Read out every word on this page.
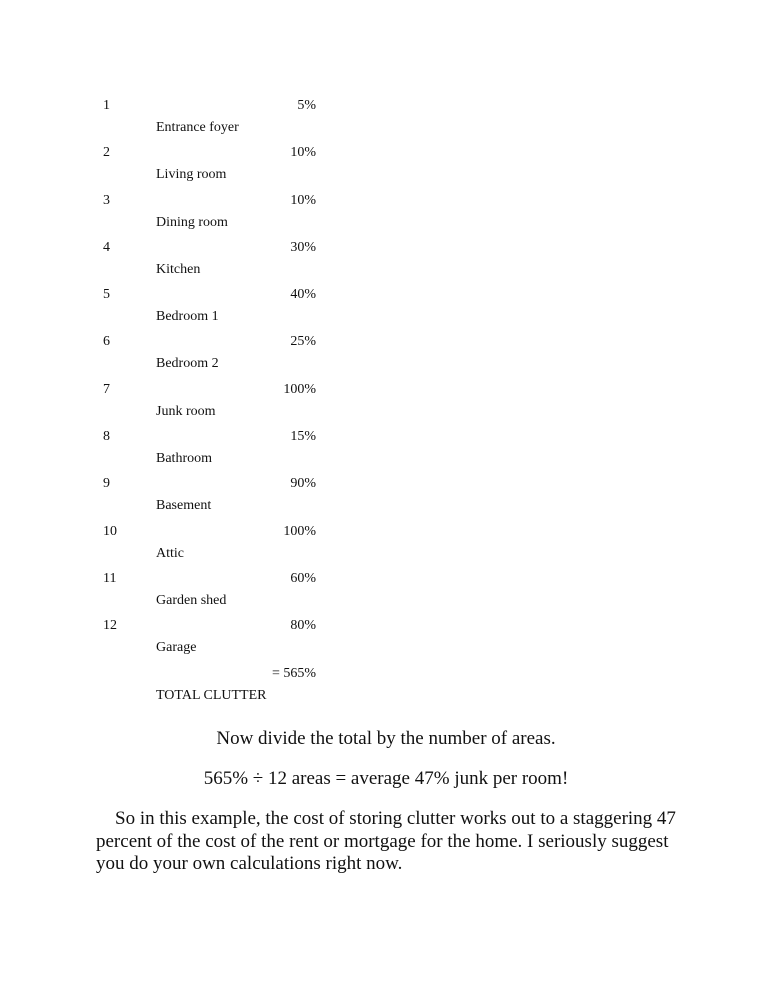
1	5%
Entrance foyer
2	10%
Living room
3	10%
Dining room
4	30%
Kitchen
5	40%
Bedroom 1
6	25%
Bedroom 2
7	100%
Junk room
8	15%
Bathroom
9	90%
Basement
10	100%
Attic
11	60%
Garden shed
12	80%
Garage
= 565%
TOTAL CLUTTER
Now divide the total by the number of areas.
565% ÷ 12 areas = average 47% junk per room!

So in this example, the cost of storing clutter works out to a staggering 47 percent of the cost of the rent or mortgage for the home. I seriously suggest you do your own calculations right now.
